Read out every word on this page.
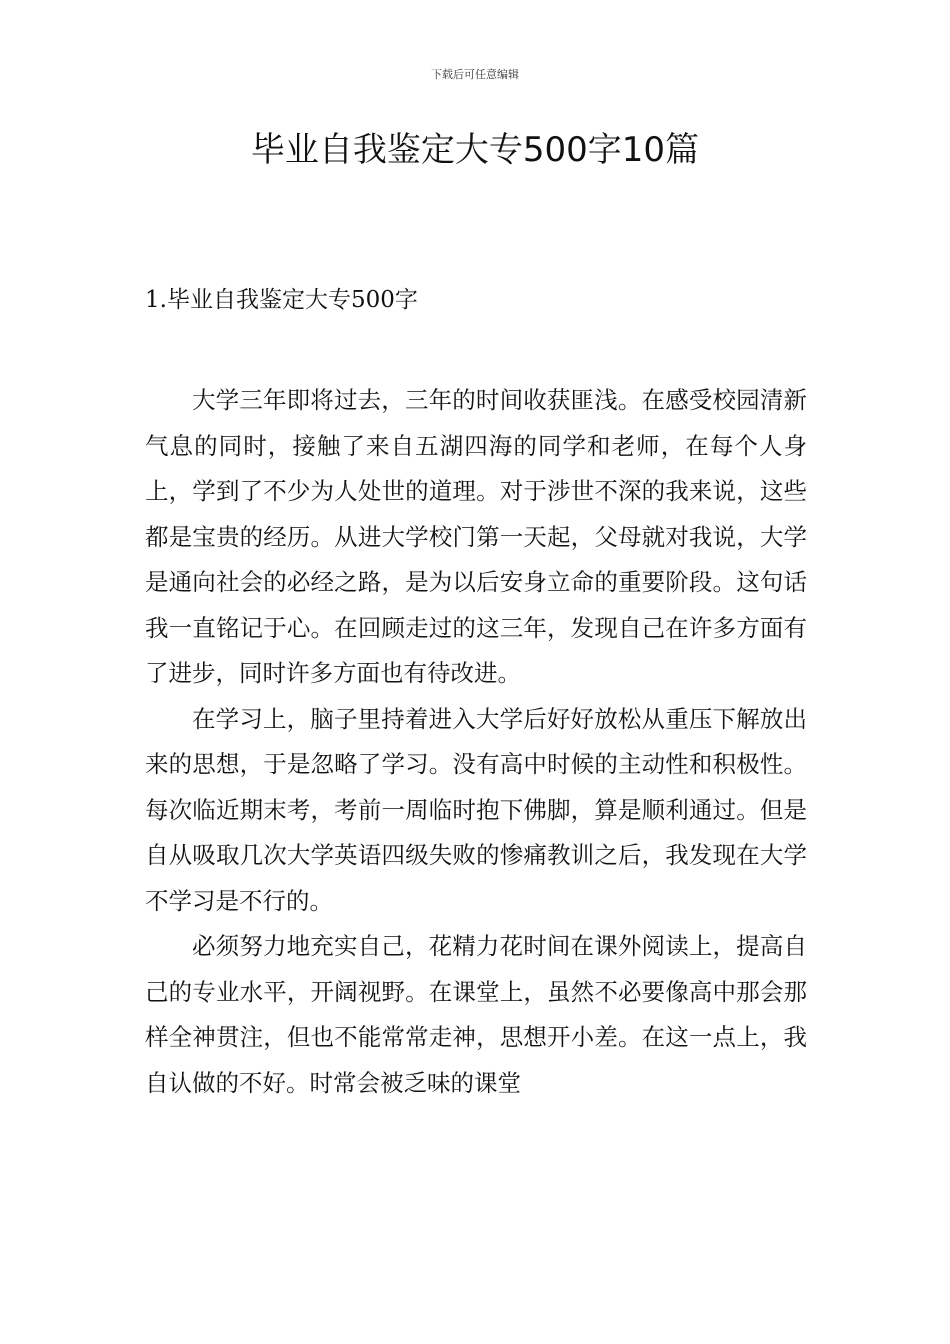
下载后可任意编辑
毕业自我鉴定大专500字10篇
1.毕业自我鉴定大专500字

大学三年即将过去，三年的时间收获匪浅。在感受校园清新气息的同时，接触了来自五湖四海的同学和老师，在每个人身上，学到了不少为人处世的道理。对于涉世不深的我来说，这些都是宝贵的经历。从进大学校门第一天起，父母就对我说，大学是通向社会的必经之路，是为以后安身立命的重要阶段。这句话我一直铭记于心。在回顾走过的这三年，发现自己在许多方面有了进步，同时许多方面也有待改进。

在学习上，脑子里持着进入大学后好好放松从重压下解放出来的思想，于是忽略了学习。没有高中时候的主动性和积极性。每次临近期末考，考前一周临时抱下佛脚，算是顺利通过。但是自从吸取几次大学英语四级失败的惨痛教训之后，我发现在大学不学习是不行的。

必须努力地充实自己，花精力花时间在课外阅读上，提高自己的专业水平，开阔视野。在课堂上，虽然不必要像高中那会那样全神贯注，但也不能常常走神，思想开小差。在这一点上，我自认做的不好。时常会被乏味的课堂
